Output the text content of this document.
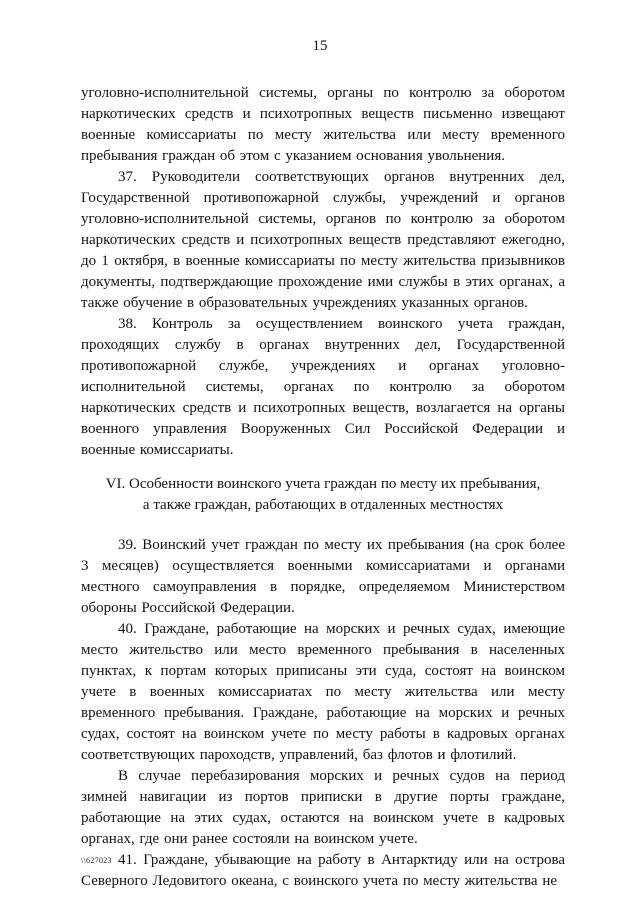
15

уголовно-исполнительной системы, органы по контролю за оборотом наркотических средств и психотропных веществ письменно извещают военные комиссариаты по месту жительства или месту временного пребывания граждан об этом с указанием основания увольнения.

37. Руководители соответствующих органов внутренних дел, Государственной противопожарной службы, учреждений и органов уголовно-исполнительной системы, органов по контролю за оборотом наркотических средств и психотропных веществ представляют ежегодно, до 1 октября, в военные комиссариаты по месту жительства призывников документы, подтверждающие прохождение ими службы в этих органах, а также обучение в образовательных учреждениях указанных органов.

38. Контроль за осуществлением воинского учета граждан, проходящих службу в органах внутренних дел, Государственной противопожарной службе, учреждениях и органах уголовно-исполнительной системы, органах по контролю за оборотом наркотических средств и психотропных веществ, возлагается на органы военного управления Вооруженных Сил Российской Федерации и военные комиссариаты.

VI. Особенности воинского учета граждан по месту их пребывания,
а также граждан, работающих в отдаленных местностях

39. Воинский учет граждан по месту их пребывания (на срок более 3 месяцев) осуществляется военными комиссариатами и органами местного самоуправления в порядке, определяемом Министерством обороны Российской Федерации.

40. Граждане, работающие на морских и речных судах, имеющие место жительство или место временного пребывания в населенных пунктах, к портам которых приписаны эти суда, состоят на воинском учете в военных комиссариатах по месту жительства или месту временного пребывания. Граждане, работающие на морских и речных судах, состоят на воинском учете по месту работы в кадровых органах соответствующих пароходств, управлений, баз флотов и флотилий.

В случае перебазирования морских и речных судов на период зимней навигации из портов приписки в другие порты граждане, работающие на этих судах, остаются на воинском учете в кадровых органах, где они ранее состояли на воинском учете.

41. Граждане, убывающие на работу в Антарктиду или на острова Северного Ледовитого океана, с воинского учета по месту жительства не

\\627023
